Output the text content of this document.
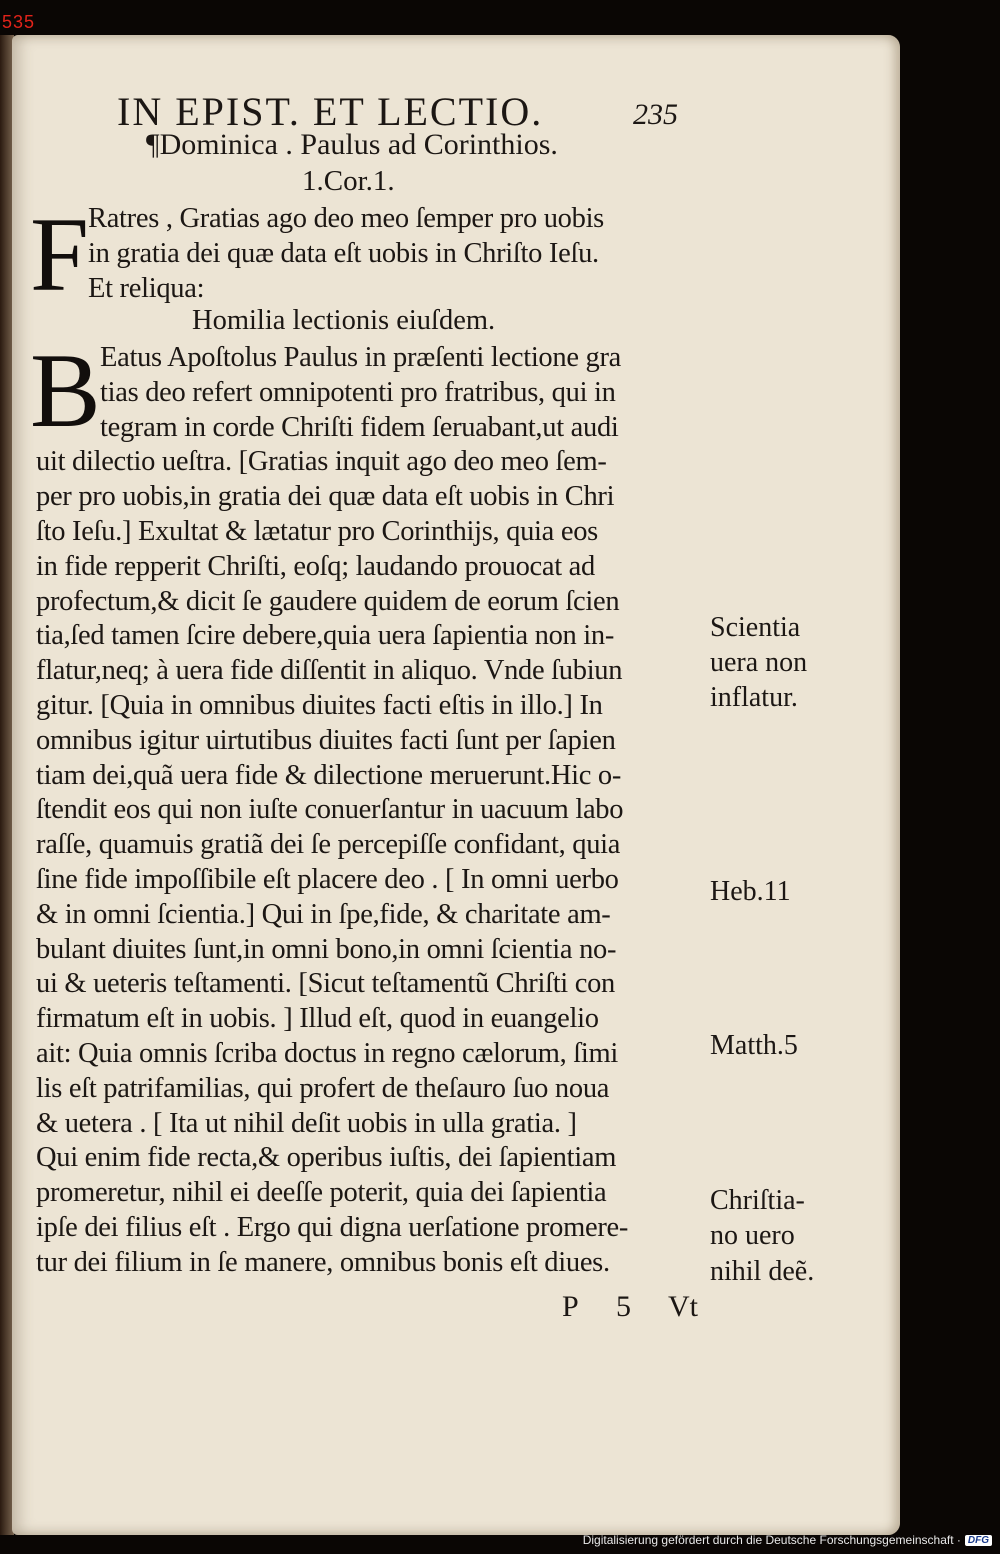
535
IN EPIST. ET LECTIO.	235
¶Dominica . Paulus ad Corinthios.
1.Cor.1.
F Ratres , Gratias ago deo meo ſemper pro uobis
in gratia dei quæ data eſt uobis in Chriſto Ieſu.
Et reliqua:
Homilia lectionis eiuſdem.
B Eatus Apoſtolus Paulus in præſenti lectione gra
tias deo refert omnipotenti pro fratribus, qui in
tegram in corde Chriſti fidem ſeruabant,ut audi
uit dilectio ueſtra. [Gratias inquit ago deo meo ſem-
per pro uobis,in gratia dei quæ data eſt uobis in Chri
ſto Ieſu.] Exultat & lætatur pro Corinthijs, quia eos
in fide repperit Chriſti, eoſq; laudando prouocat ad
profectum,& dicit ſe gaudere quidem de eorum ſcien
tia,ſed tamen ſcire debere,quia uera ſapientia non in-
flatur,neq; à uera fide diſſentit in aliquo. Vnde ſubiun
gitur. [Quia in omnibus diuites facti eſtis in illo.] In
omnibus igitur uirtutibus diuites facti ſunt per ſapien
tiam dei,quã uera fide & dilectione meruerunt.Hic o-
ſtendit eos qui non iuſte conuerſantur in uacuum labo
raſſe, quamuis gratiã dei ſe percepiſſe confidant, quia
ſine fide impoſſibile eſt placere deo . [ In omni uerbo
& in omni ſcientia.] Qui in ſpe,fide, & charitate am-
bulant diuites ſunt,in omni bono,in omni ſcientia no-
ui & ueteris teſtamenti. [Sicut teſtamentũ Chriſti con
firmatum eſt in uobis. ] Illud eſt, quod in euangelio
ait: Quia omnis ſcriba doctus in regno cælorum, ſimi
lis eſt patrifamilias, qui profert de theſauro ſuo noua
& uetera . [ Ita ut nihil deſit uobis in ulla gratia. ]
Qui enim fide recta,& operibus iuſtis, dei ſapientiam
promeretur, nihil ei deeſſe poterit, quia dei ſapientia
ipſe dei filius eſt . Ergo qui digna uerſatione promere-
tur dei filium in ſe manere, omnibus bonis eſt diues.
Scientia
uera non
inflatur.
Heb.11
Matth.5
Chriſtia-
no uero
nihil deẽ.
P 5 Vt
Digitalisierung gefördert durch die Deutsche Forschungsgemeinschaft · DFG
